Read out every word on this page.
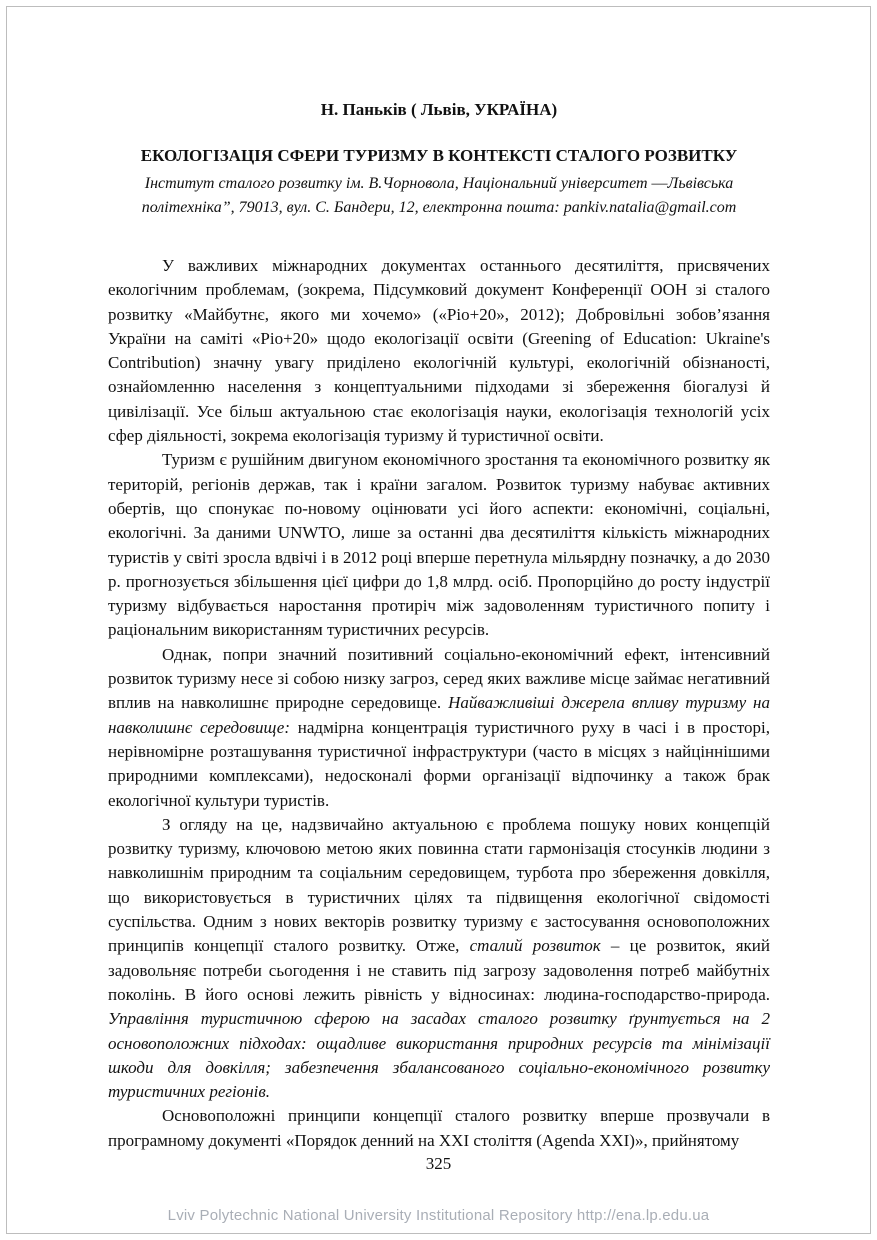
Н. Паньків ( Львів, УКРАЇНА)

ЕКОЛОГІЗАЦІЯ СФЕРИ ТУРИЗМУ В КОНТЕКСТІ СТАЛОГО РОЗВИТКУ

Інститут сталого розвитку ім. В.Чорновола, Національний університет ―Львівська політехніка”, 79013, вул. С. Бандери, 12, електронна пошта: pankiv.natalia@gmail.com

У важливих міжнародних документах останнього десятиліття, присвячених екологічним проблемам, (зокрема, Підсумковий документ Конференції ООН зі сталого розвитку «Майбутнє, якого ми хочемо» («Ріо+20», 2012); Добровільні зобов’язання України на саміті «Ріо+20» щодо екологізації освіти (Greening of Education: Ukraine's Contribution) значну увагу приділено екологічній культурі, екологічній обізнаності, ознайомленню населення з концептуальними підходами зі збереження біогалузі й цивілізації. Усе більш актуальною стає екологізація науки, екологізація технологій усіх сфер діяльності, зокрема екологізація туризму й туристичної освіти.

Туризм є рушійним двигуном економічного зростання та економічного розвитку як територій, регіонів держав, так і країни загалом. Розвиток туризму набуває активних обертів, що спонукає по-новому оцінювати усі його аспекти: економічні, соціальні, екологічні. За даними UNWTO, лише за останні два десятиліття кількість міжнародних туристів у світі зросла вдвічі і в 2012 році вперше перетнула мільярдну позначку, а до 2030 р. прогнозується збільшення цієї цифри до 1,8 млрд. осіб. Пропорційно до росту індустрії туризму відбувається наростання протиріч між задоволенням туристичного попиту і раціональним використанням туристичних ресурсів.

Однак, попри значний позитивний соціально-економічний ефект, інтенсивний розвиток туризму несе зі собою низку загроз, серед яких важливе місце займає негативний вплив на навколишнє природне середовище. Найважливіші джерела впливу туризму на навколишнє середовище: надмірна концентрація туристичного руху в часі і в просторі, нерівномірне розташування туристичної інфраструктури (часто в місцях з найціннішими природними комплексами), недосконалі форми організації відпочинку а також брак екологічної культури туристів.

З огляду на це, надзвичайно актуальною є проблема пошуку нових концепцій розвитку туризму, ключовою метою яких повинна стати гармонізація стосунків людини з навколишнім природним та соціальним середовищем, турбота про збереження довкілля, що використовується в туристичних цілях та підвищення екологічної свідомості суспільства. Одним з нових векторів розвитку туризму є застосування основоположних принципів концепції сталого розвитку. Отже, сталий розвиток – це розвиток, який задовольняє потреби сьогодення і не ставить під загрозу задоволення потреб майбутніх поколінь. В його основі лежить рівність у відносинах: людина-господарство-природа. Управління туристичною сферою на засадах сталого розвитку ґрунтується на 2 основоположних підходах: ощадливе використання природних ресурсів та мінімізації шкоди для довкілля; забезпечення збалансованого соціально-економічного розвитку туристичних регіонів.

Основоположні принципи концепції сталого розвитку вперше прозвучали в програмному документі «Порядок денний на ХХІ століття (Agenda XXI)», прийнятому

325
Lviv Polytechnic National University Institutional Repository http://ena.lp.edu.ua
